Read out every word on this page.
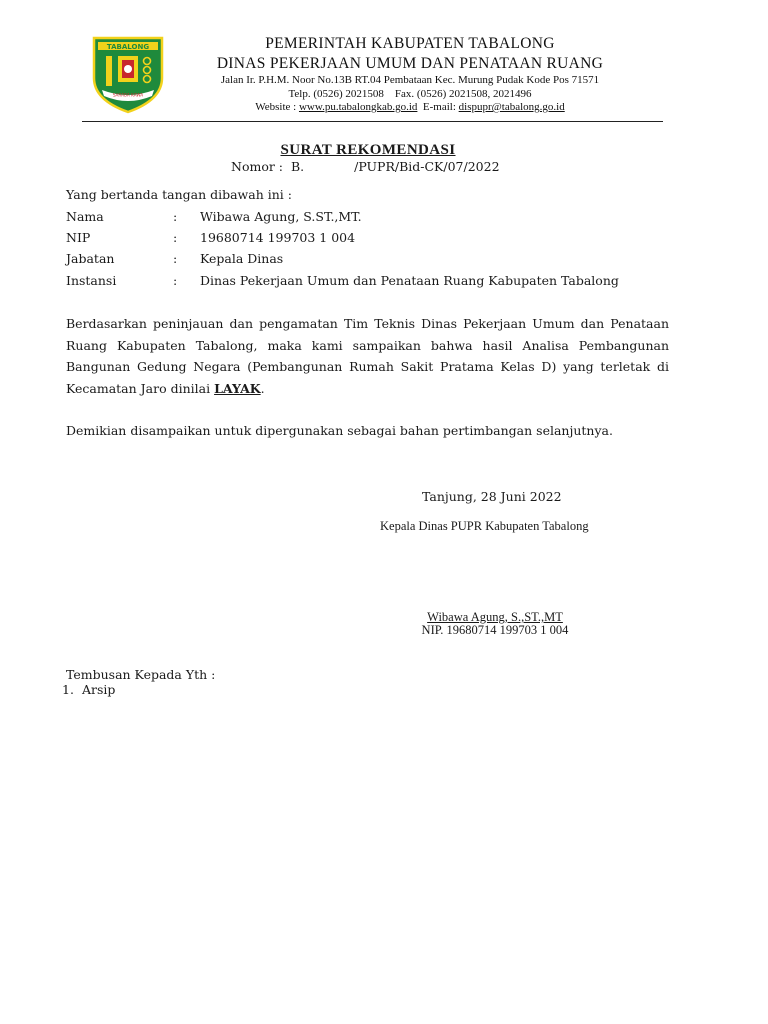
TABALONG
SARABA KAWA
PEMERINTAH KABUPATEN TABALONG
DINAS PEKERJAAN UMUM DAN PENATAAN RUANG
Jalan Ir. P.H.M. Noor No.13B RT.04 Pembataan Kec. Murung Pudak Kode Pos 71571
Telp. (0526) 2021508    Fax. (0526) 2021508, 2021496
Website : www.pu.tabalongkab.go.id  E-mail: dispupr@tabalong.go.id
SURAT REKOMENDASI
Nomor :  B.	/PUPR/Bid-CK/07/2022
Yang bertanda tangan dibawah ini :
Nama	: Wibawa Agung, S.ST.,MT.
NIP	: 19680714 199703 1 004
Jabatan	: Kepala Dinas
Instansi	: Dinas Pekerjaan Umum dan Penataan Ruang Kabupaten Tabalong
Berdasarkan peninjauan dan pengamatan Tim Teknis Dinas Pekerjaan Umum dan Penataan Ruang Kabupaten Tabalong, maka kami sampaikan bahwa hasil Analisa Pembangunan Bangunan Gedung Negara (Pembangunan Rumah Sakit Pratama Kelas D) yang terletak di Kecamatan Jaro dinilai LAYAK.
Demikian disampaikan untuk dipergunakan sebagai bahan pertimbangan selanjutnya.
Tanjung, 28 Juni 2022
Kepala Dinas PUPR Kabupaten Tabalong
Wibawa Agung, S.,ST.,MT
NIP. 19680714 199703 1 004
Tembusan Kepada Yth :
1. Arsip
